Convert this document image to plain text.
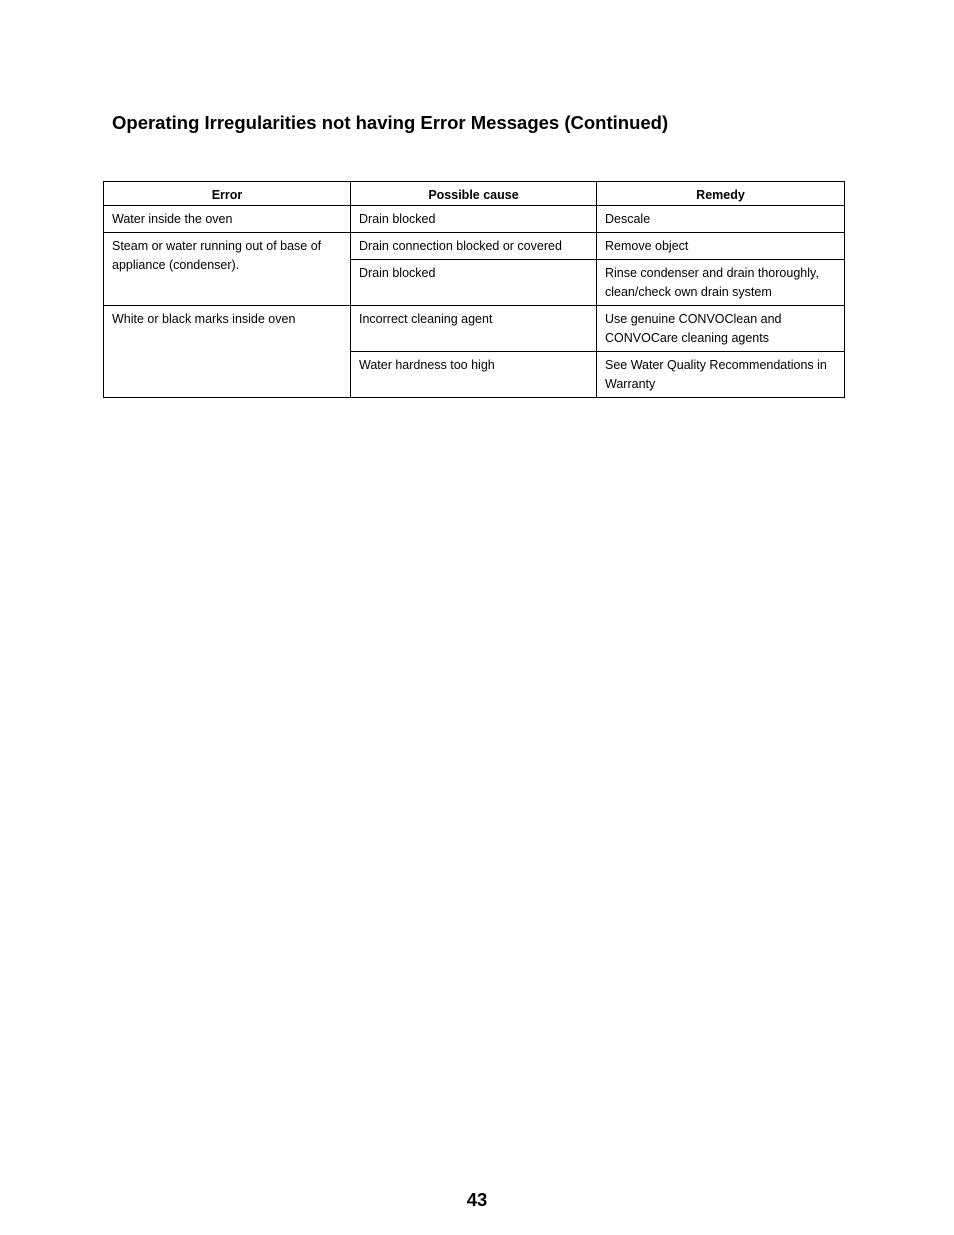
Operating Irregularities not having Error Messages (Continued)
Error	Possible cause	Remedy
Water inside the oven	Drain blocked	Descale
Steam or water running out of base of appliance (condenser).	Drain connection blocked or covered	Remove object
	Drain blocked	Rinse condenser and drain thoroughly, clean/check own drain system
White or black marks inside oven	Incorrect cleaning agent	Use genuine CONVOClean and CONVOCare cleaning agents
	Water hardness too high	See Water Quality Recommendations in Warranty
43
